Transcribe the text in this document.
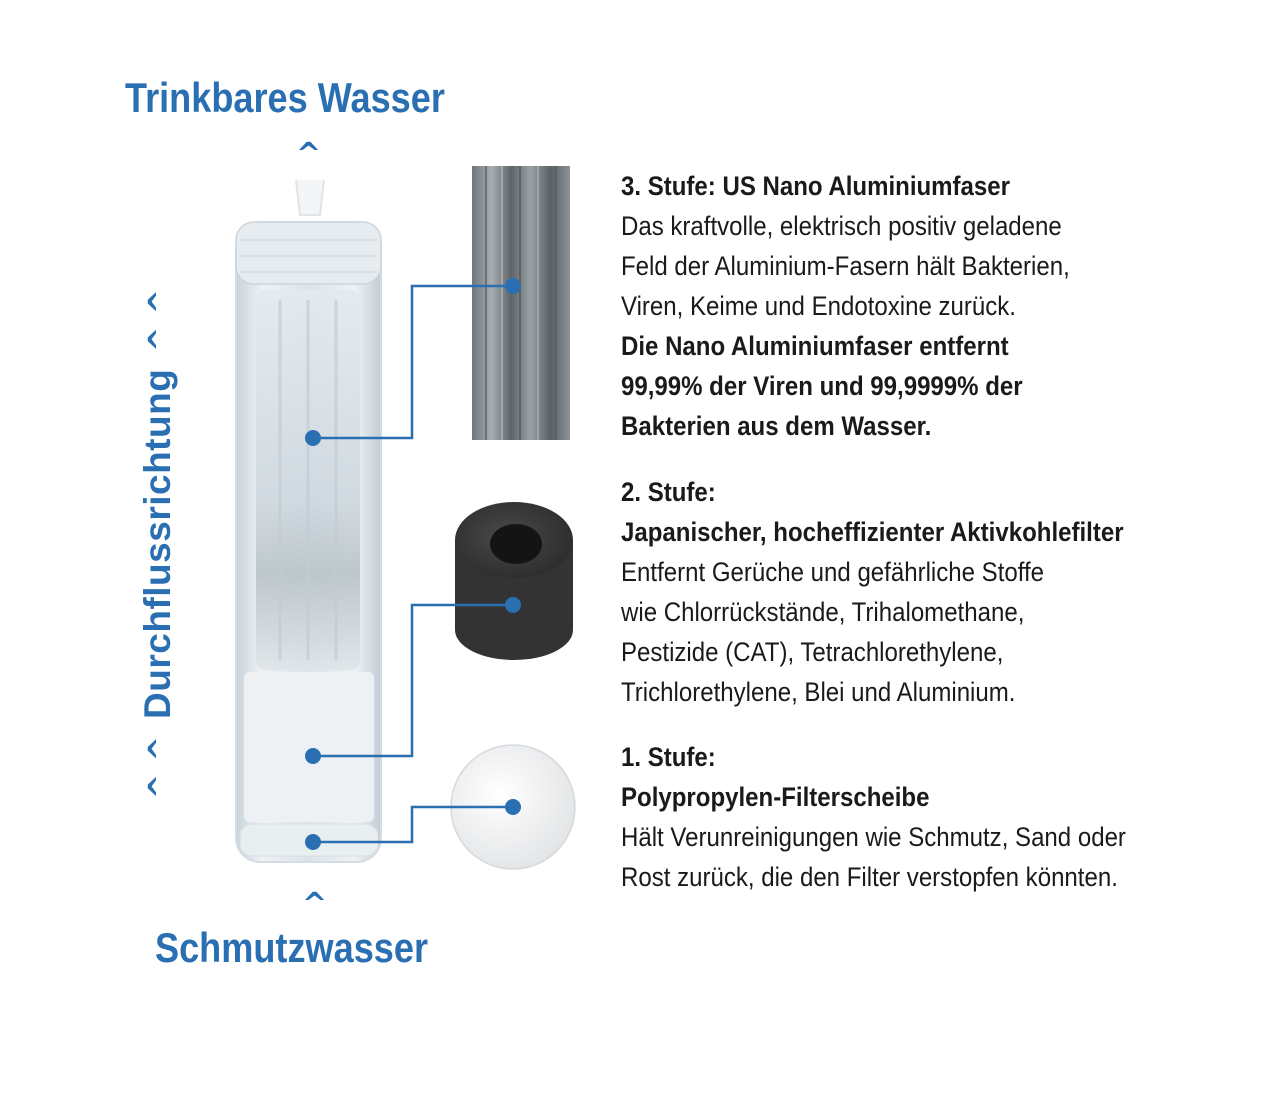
Trinkbares Wasser
^
^
Schmutzwasser
^^ Durchflussrichtung ^^
3. Stufe: US Nano Aluminiumfaser
Das kraftvolle, elektrisch positiv geladene
Feld der Aluminium-Fasern hält Bakterien,
Viren, Keime und Endotoxine zurück.
Die Nano Aluminiumfaser entfernt
99,99% der Viren und 99,9999% der
Bakterien aus dem Wasser.
2. Stufe:
Japanischer, hocheffizienter Aktivkohlefilter
Entfernt Gerüche und gefährliche Stoffe
wie Chlorrückstände, Trihalomethane,
Pestizide (CAT), Tetrachlorethylene,
Trichlorethylene, Blei und Aluminium.
1. Stufe:
Polypropylen-Filterscheibe
Hält Verunreinigungen wie Schmutz, Sand oder
Rost zurück, die den Filter verstopfen könnten.
